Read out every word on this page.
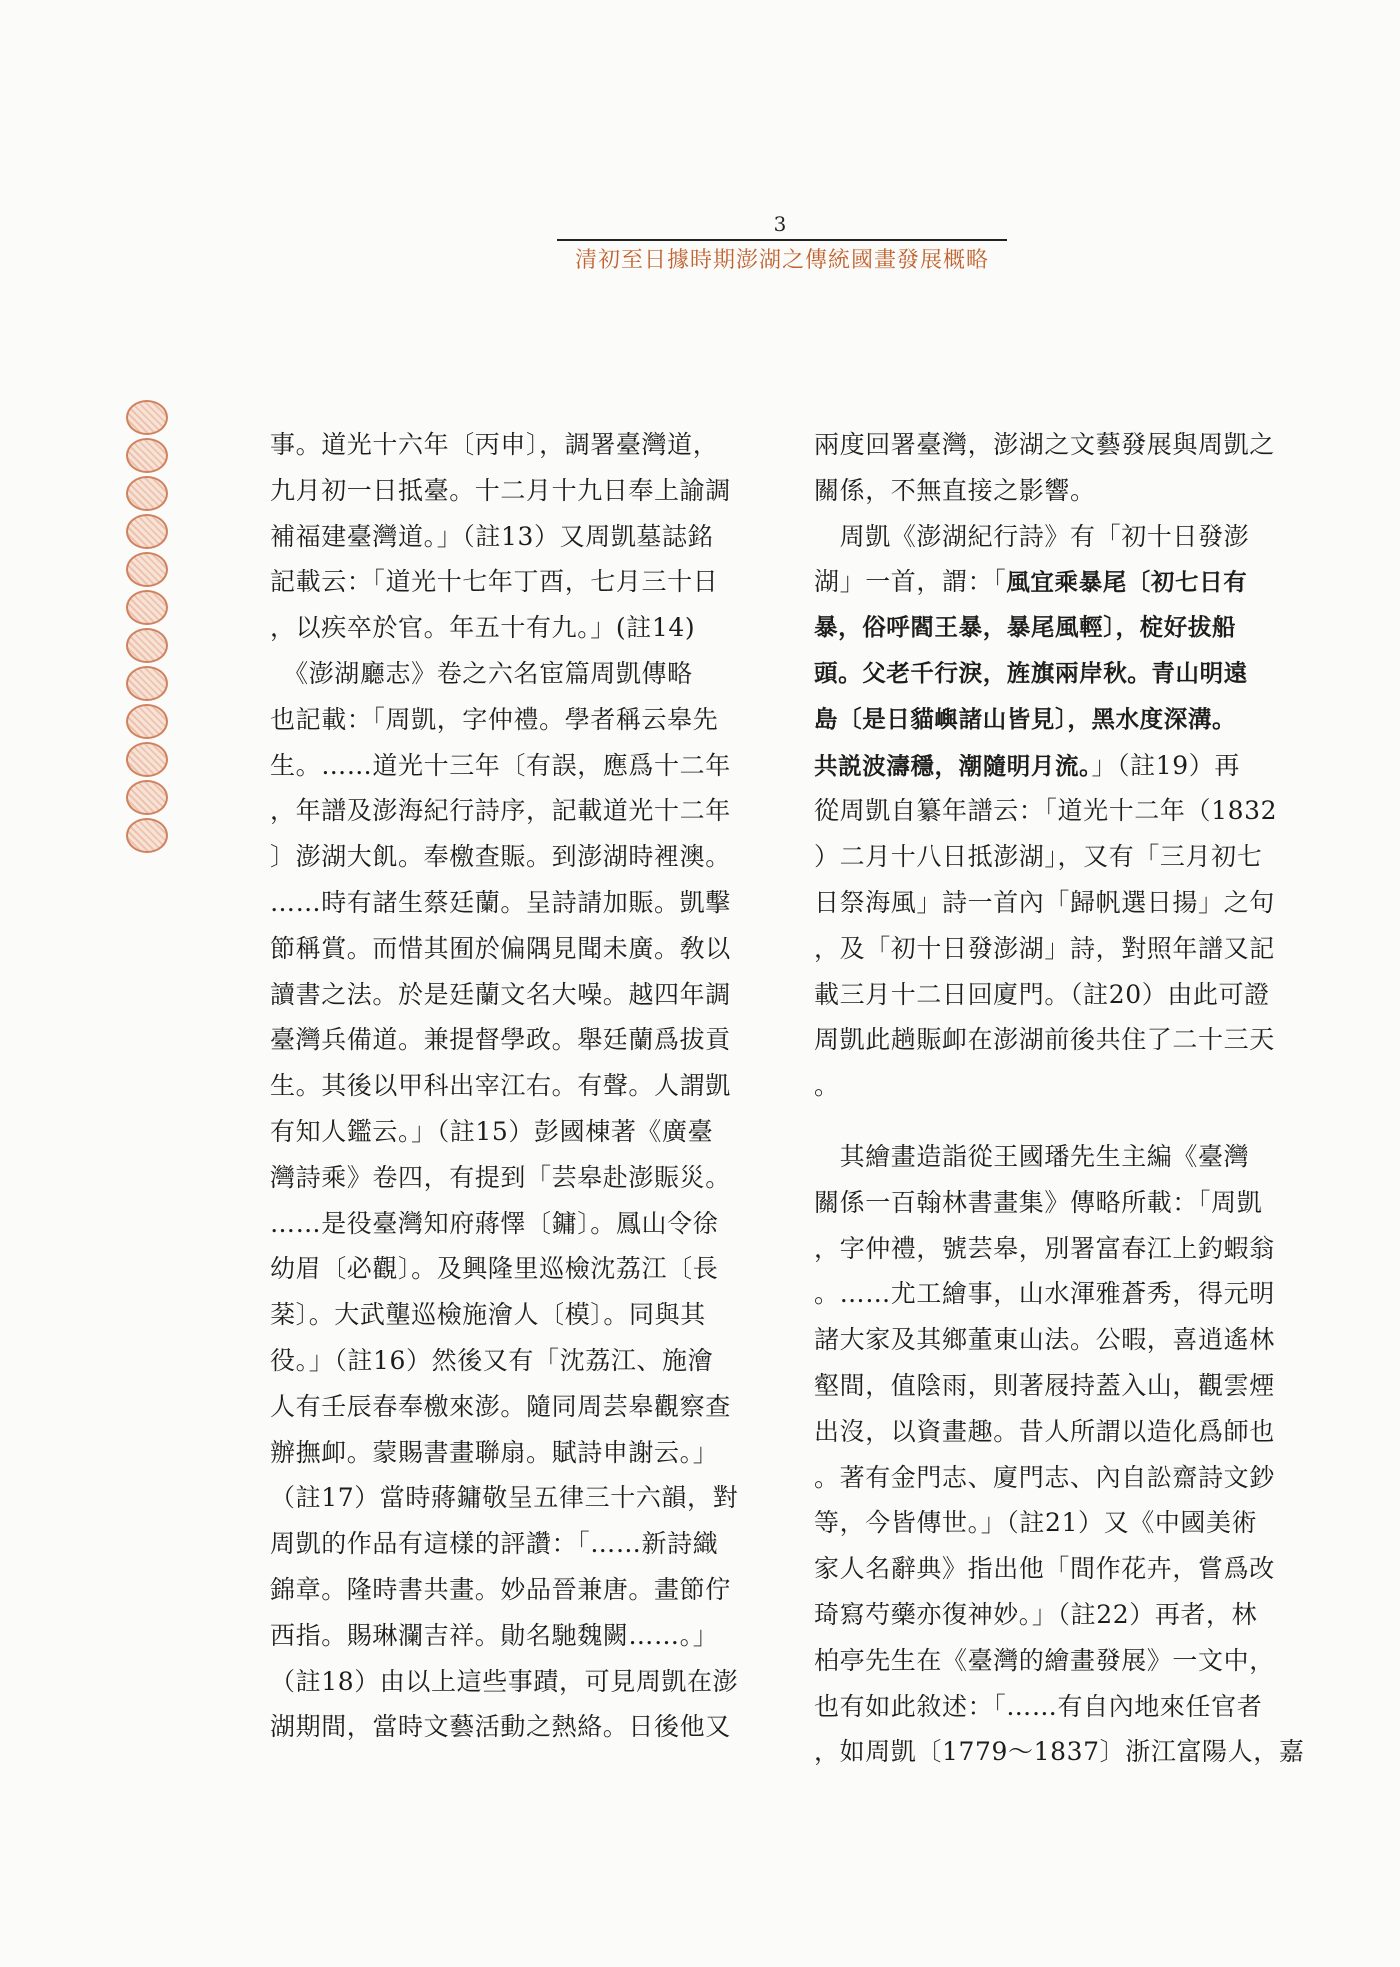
3
清初至日據時期澎湖之傳統國畫發展概略
事。道光十六年〔丙申〕，調署臺灣道，
九月初一日抵臺。十二月十九日奉上諭調
補福建臺灣道。」（註13）又周凱墓誌銘
記載云：「道光十七年丁酉，七月三十日
，以疾卒於官。年五十有九。」(註14)
　《澎湖廳志》卷之六名宦篇周凱傳略
也記載：「周凱，字仲禮。學者稱云皋先
生。……道光十三年〔有誤，應爲十二年
，年譜及澎海紀行詩序，記載道光十二年
〕澎湖大飢。奉檄查賑。到澎湖時裡澳。
……時有諸生蔡廷蘭。呈詩請加賑。凱擊
節稱賞。而惜其囿於偏隅見聞未廣。敎以
讀書之法。於是廷蘭文名大噪。越四年調
臺灣兵備道。兼提督學政。舉廷蘭爲拔貢
生。其後以甲科出宰江右。有聲。人謂凱
有知人鑑云。」（註15）彭國棟著《廣臺
灣詩乘》卷四，有提到「芸皋赴澎賑災。
……是役臺灣知府蔣懌〔鏞〕。鳳山令徐
幼眉〔必觀〕。及興隆里巡檢沈荔江〔長
棻〕。大武壟巡檢施澮人〔模〕。同與其
役。」（註16）然後又有「沈荔江、施澮
人有壬辰春奉檄來澎。隨同周芸皋觀察查
辦撫卹。蒙賜書畫聯扇。賦詩申謝云。」
（註17）當時蔣鏞敬呈五律三十六韻，對
周凱的作品有這樣的評讚：「……新詩織
錦章。隆時書共畫。妙品晉兼唐。畫節佇
西指。賜琳瀾吉祥。勛名馳魏闕……。」
（註18）由以上這些事蹟，可見周凱在澎
湖期間，當時文藝活動之熱絡。日後他又
兩度回署臺灣，澎湖之文藝發展與周凱之
關係，不無直接之影響。
　周凱《澎湖紀行詩》有「初十日發澎
湖」一首，謂：「風宜乘暴尾〔初七日有
暴，俗呼閻王暴，暴尾風輕〕，椗好拔船
頭。父老千行淚，旌旗兩岸秋。青山明遠
島〔是日貓嶼諸山皆見〕，黑水度深溝。
共説波濤穩，潮隨明月流。」（註19）再
從周凱自纂年譜云：「道光十二年（1832
）二月十八日抵澎湖」，又有「三月初七
日祭海風」詩一首內「歸帆選日揚」之句
，及「初十日發澎湖」詩，對照年譜又記
載三月十二日回廈門。（註20）由此可證
周凱此趟賑卹在澎湖前後共住了二十三天
。
　其繪畫造詣從王國璠先生主編《臺灣
關係一百翰林書畫集》傳略所載：「周凱
，字仲禮，號芸皋，別署富春江上釣蝦翁
。……尤工繪事，山水渾雅蒼秀，得元明
諸大家及其鄉董東山法。公暇，喜逍遙林
壑間，值陰雨，則著屐持蓋入山，觀雲煙
出沒，以資畫趣。昔人所謂以造化爲師也
。著有金門志、廈門志、內自訟齋詩文鈔
等，今皆傳世。」（註21）又《中國美術
家人名辭典》指出他「間作花卉，嘗爲改
琦寫芍藥亦復神妙。」（註22）再者，林
柏亭先生在《臺灣的繪畫發展》一文中，
也有如此敘述：「……有自內地來任官者
，如周凱〔1779～1837〕浙江富陽人，嘉
